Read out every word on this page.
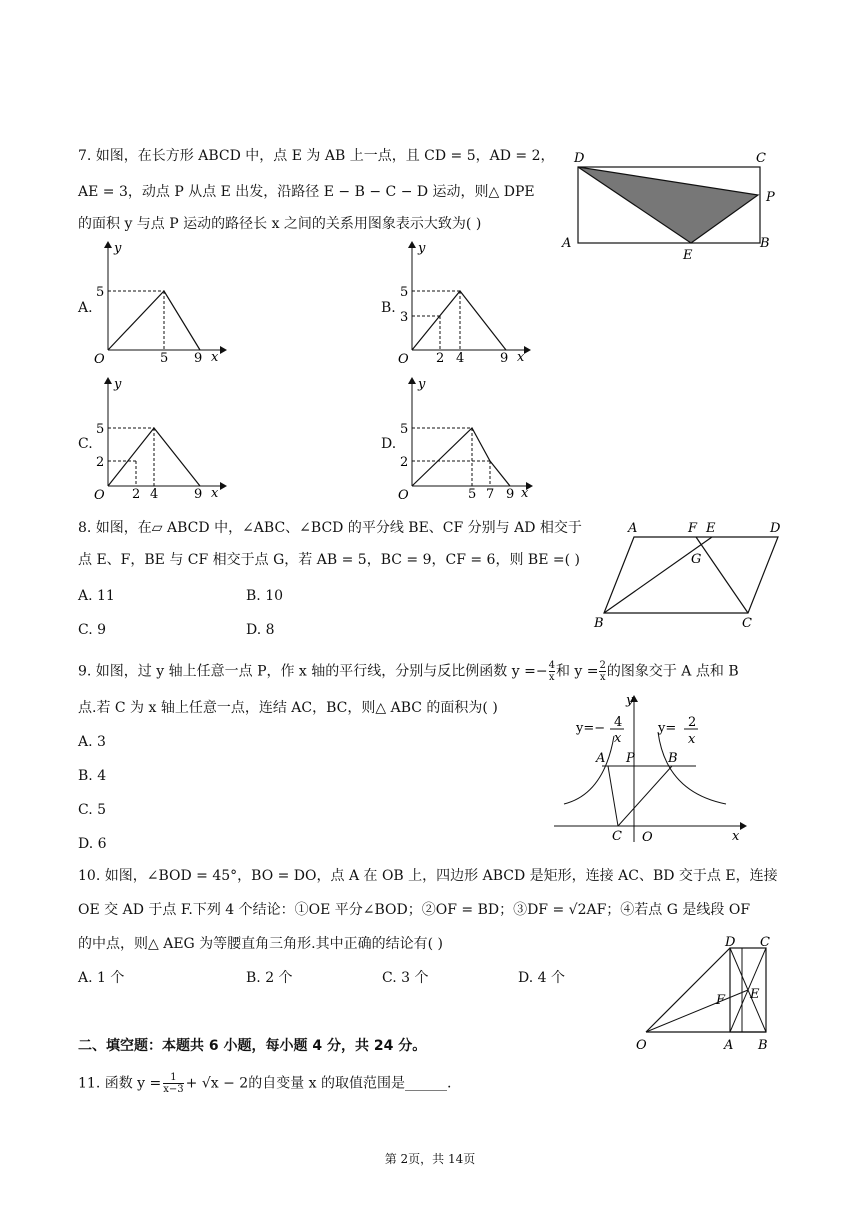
7. 如图，在长方形 ABCD 中，点 E 为 AB 上一点，且 CD = 5，AD = 2，
AE = 3，动点 P 从点 E 出发，沿路径 E − B − C − D 运动，则△ DPE
的面积 y 与点 P 运动的路径长 x 之间的关系用图象表示大致为( )
D	C
P
A
E
B
A.
O
y
x
5
5 9
B.
O
y
x
5
3
2 4	9
C.
O
y
x
5
2
2 4	9
D.
O
y
x
5
2
5 7 9
8. 如图，在▱ ABCD 中，∠ABC、∠BCD 的平分线 BE、CF 分别与 AD 相交于
点 E、F，BE 与 CF 相交于点 G，若 AB = 5，BC = 9，CF = 6，则 BE =( )
A. 11	B. 10
C. 9	D. 8
A	F E	D
G
B	C
9. 如图，过 y 轴上任意一点 P，作 x 轴的平行线，分别与反比例函数 $y =- \frac{4}{x}$ 和 $y = \frac{2}{x}$ 的图象交于 A 点和 B
点.若 C 为 x 轴上任意一点，连结 AC，BC，则△ ABC 的面积为( )
A. 3
B. 4
C. 5
D. 6
y=− 4
x
y= 2
x
y
A P	B
C O	x
10. 如图，∠BOD = 45°，BO = DO，点 A 在 OB 上，四边形 ABCD 是矩形，连接 AC、BD 交于点 E，连接
OE 交 AD 于点 F.下列 4 个结论：①OE 平分∠BOD；②OF = BD；③DF = √2AF；④若点 G 是线段 OF
的中点，则△ AEG 为等腰直角三角形.其中正确的结论有( )
A. 1 个	B. 2 个	C. 3 个	D. 4 个
D C
F E
O	A B
二、填空题：本题共 6 小题，每小题 4 分，共 24 分。
11. 函数 $y = \frac{1}{x-3} + √x - 2$的自变量 x 的取值范围是______.
第 2页，共 14页
